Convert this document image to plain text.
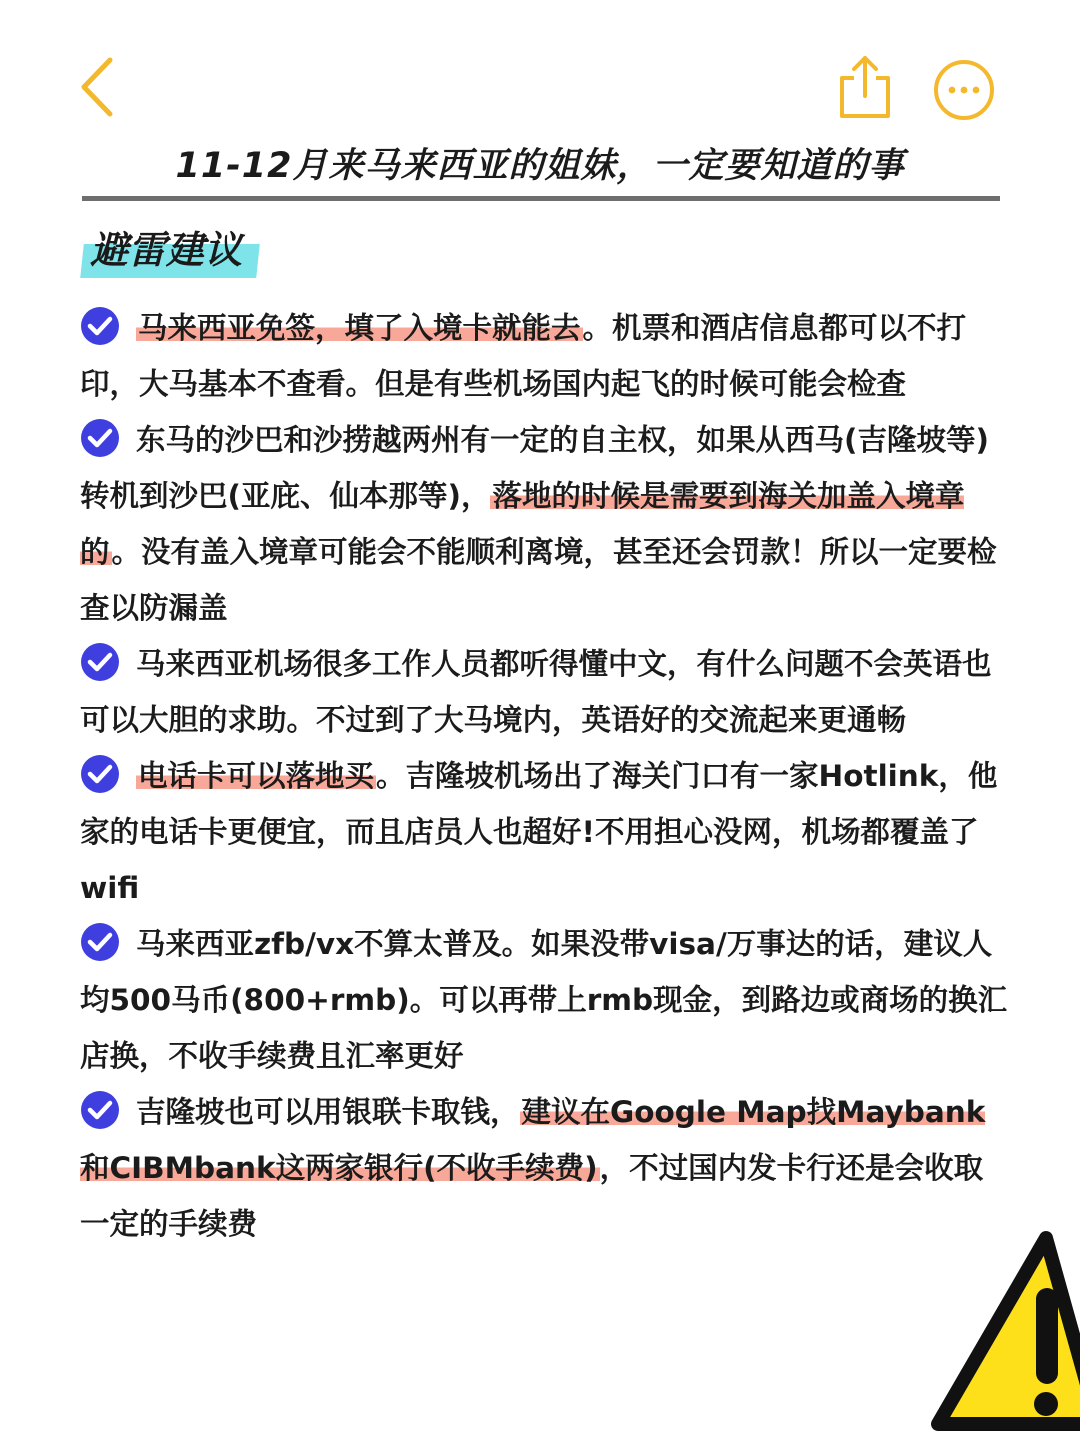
11-12月来马来西亚的姐妹，一定要知道的事
避雷建议
马来西亚免签，填了入境卡就能去。机票和酒店信息都可以不打印，大马基本不查看。但是有些机场国内起飞的时候可能会检查
东马的沙巴和沙捞越两州有一定的自主权，如果从西马(吉隆坡等)转机到沙巴(亚庇、仙本那等)，落地的时候是需要到海关加盖入境章的。没有盖入境章可能会不能顺利离境，甚至还会罚款！所以一定要检查以防漏盖
马来西亚机场很多工作人员都听得懂中文，有什么问题不会英语也可以大胆的求助。不过到了大马境内，英语好的交流起来更通畅
电话卡可以落地买。吉隆坡机场出了海关门口有一家Hotlink，他家的电话卡更便宜，而且店员人也超好!不用担心没网，机场都覆盖了wifi
马来西亚zfb/vx不算太普及。如果没带visa/万事达的话，建议人均500马币(800+rmb)。可以再带上rmb现金，到路边或商场的换汇店换，不收手续费且汇率更好
吉隆坡也可以用银联卡取钱，建议在Google Map找Maybank和CIBMbank这两家银行(不收手续费)，不过国内发卡行还是会收取一定的手续费
